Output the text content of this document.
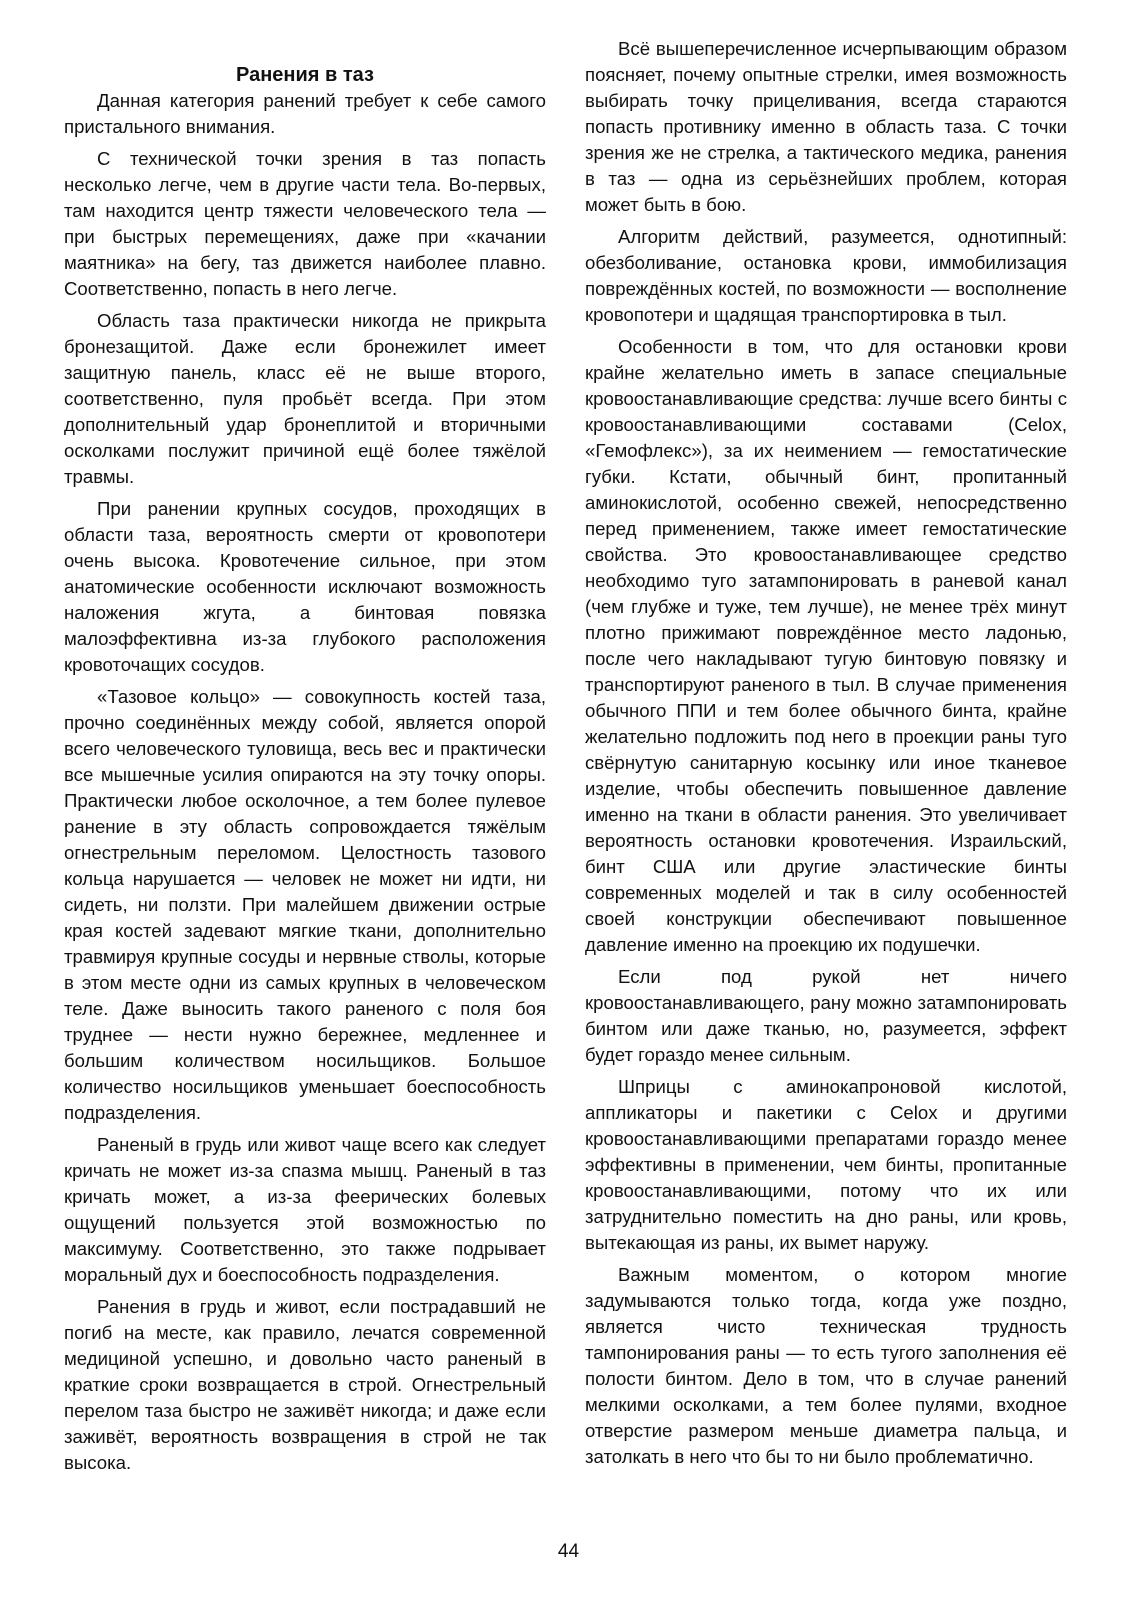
Ранения в таз

Данная категория ранений требует к себе самого пристального внимания.

С технической точки зрения в таз попасть несколько легче, чем в другие части тела. Во-первых, там находится центр тяжести человеческого тела — при быстрых перемещениях, даже при «качании маятника» на бегу, таз движется наиболее плавно. Соответственно, попасть в него легче.

Область таза практически никогда не прикрыта бронезащитой. Даже если бронежилет имеет защитную панель, класс её не выше второго, соответственно, пуля пробьёт всегда. При этом дополнительный удар бронеплитой и вторичными осколками послужит причиной ещё более тяжёлой травмы.

При ранении крупных сосудов, проходящих в области таза, вероятность смерти от кровопотери очень высока. Кровотечение сильное, при этом анатомические особенности исключают возможность наложения жгута, а бинтовая повязка малоэффективна из-за глубокого расположения кровоточащих сосудов.

«Тазовое кольцо» — совокупность костей таза, прочно соединённых между собой, является опорой всего человеческого туловища, весь вес и практически все мышечные усилия опираются на эту точку опоры. Практически любое осколочное, а тем более пулевое ранение в эту область сопровождается тяжёлым огнестрельным переломом. Целостность тазового кольца нарушается — человек не может ни идти, ни сидеть, ни ползти. При малейшем движении острые края костей задевают мягкие ткани, дополнительно травмируя крупные сосуды и нервные стволы, которые в этом месте одни из самых крупных в человеческом теле. Даже выносить такого раненого с поля боя труднее — нести нужно бережнее, медленнее и большим количеством носильщиков. Большое количество носильщиков уменьшает боеспособность подразделения.

Раненый в грудь или живот чаще всего как следует кричать не может из-за спазма мышц. Раненый в таз кричать может, а из-за феерических болевых ощущений пользуется этой возможностью по максимуму. Соответственно, это также подрывает моральный дух и боеспособность подразделения.

Ранения в грудь и живот, если пострадавший не погиб на месте, как правило, лечатся современной медициной успешно, и довольно часто раненый в краткие сроки возвращается в строй. Огнестрельный перелом таза быстро не заживёт никогда; и даже если заживёт, вероятность возвращения в строй не так высока.

Всё вышеперечисленное исчерпывающим образом поясняет, почему опытные стрелки, имея возможность выбирать точку прицеливания, всегда стараются попасть противнику именно в область таза. С точки зрения же не стрелка, а тактического медика, ранения в таз — одна из серьёзнейших проблем, которая может быть в бою.

Алгоритм действий, разумеется, однотипный: обезболивание, остановка крови, иммобилизация повреждённых костей, по возможности — восполнение кровопотери и щадящая транспортировка в тыл.

Особенности в том, что для остановки крови крайне желательно иметь в запасе специальные кровоостанавливающие средства: лучше всего бинты с кровоостанавливающими составами (Celox, «Гемофлекс»), за их неимением — гемостатические губки. Кстати, обычный бинт, пропитанный аминокислотой, особенно свежей, непосредственно перед применением, также имеет гемостатические свойства. Это кровоостанавливающее средство необходимо туго затампонировать в раневой канал (чем глубже и туже, тем лучше), не менее трёх минут плотно прижимают повреждённое место ладонью, после чего накладывают тугую бинтовую повязку и транспортируют раненого в тыл. В случае применения обычного ППИ и тем более обычного бинта, крайне желательно подложить под него в проекции раны туго свёрнутую санитарную косынку или иное тканевое изделие, чтобы обеспечить повышенное давление именно на ткани в области ранения. Это увеличивает вероятность остановки кровотечения. Израильский, бинт США или другие эластические бинты современных моделей и так в силу особенностей своей конструкции обеспечивают повышенное давление именно на проекцию их подушечки.

Если под рукой нет ничего кровоостанавливающего, рану можно затампонировать бинтом или даже тканью, но, разумеется, эффект будет гораздо менее сильным.

Шприцы с аминокапроновой кислотой, аппликаторы и пакетики с Celox и другими кровоостанавливающими препаратами гораздо менее эффективны в применении, чем бинты, пропитанные кровоостанавливающими, потому что их или затруднительно поместить на дно раны, или кровь, вытекающая из раны, их вымет наружу.

Важным моментом, о котором многие задумываются только тогда, когда уже поздно, является чисто техническая трудность тампонирования раны — то есть тугого заполнения её полости бинтом. Дело в том, что в случае ранений мелкими осколками, а тем более пулями, входное отверстие размером меньше диаметра пальца, и затолкать в него что бы то ни было проблематично.

44
